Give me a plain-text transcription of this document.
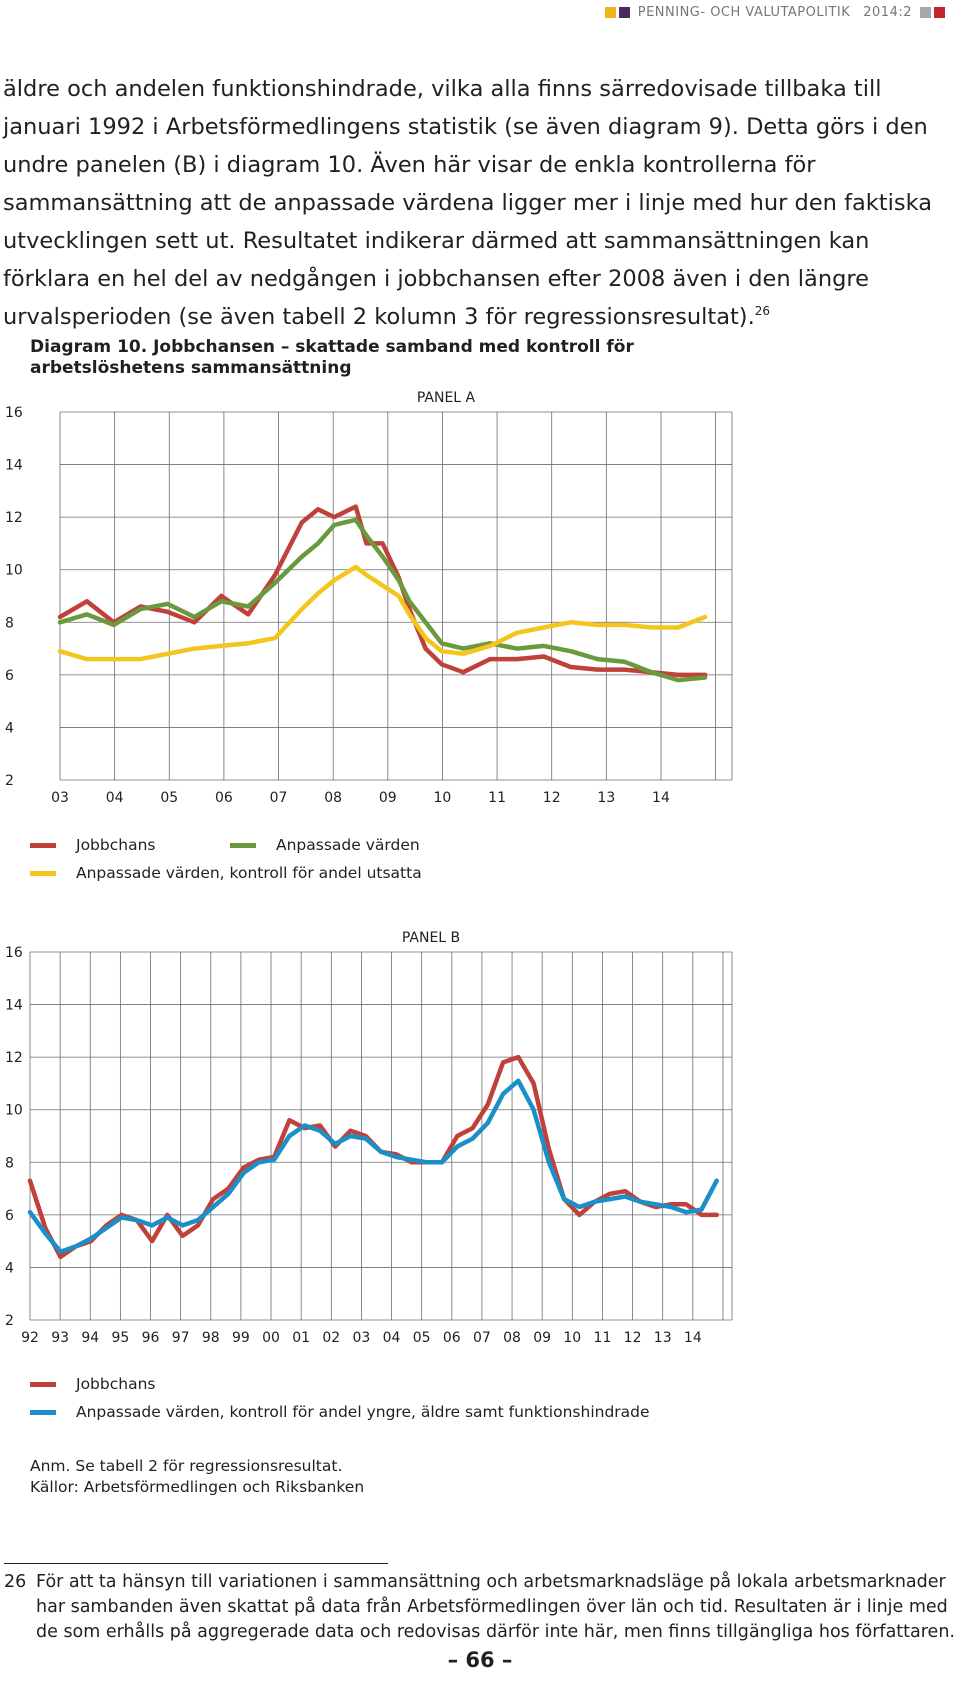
PENNING- OCH VALUTAPOLITIK 2014:2

äldre och andelen funktionshindrade, vilka alla finns särredovisade tillbaka till januari 1992 i Arbetsförmedlingens statistik (se även diagram 9). Detta görs i den undre panelen (B) i diagram 10. Även här visar de enkla kontrollerna för sammansättning att de anpassade värdena ligger mer i linje med hur den faktiska utvecklingen sett ut. Resultatet indikerar därmed att sammansättningen kan förklara en hel del av nedgången i jobbchansen efter 2008 även i den längre urvalsperioden (se även tabell 2 kolumn 3 för regressionsresultat).$^{26}$

Diagram 10. Jobbchansen – skattade samband med kontroll för arbetslöshetens sammansättning

PANEL A
16
14
12
10
8
6
4
2
03	04	05	06	07	08	09	10	11	12	13	14
Jobbchans	Anpassade värden
Anpassade värden, kontroll för andel utsatta
PANEL B
16
14
12
10
8
6
4
2
92 93 94 95 96 97 98 99 00 01 02 03 04 05 06 07 08 09 10 11 12 13 14
Jobbchans
Anpassade värden, kontroll för andel yngre, äldre samt funktionshindrade
Anm. Se tabell 2 för regressionsresultat.
Källor: Arbetsförmedlingen och Riksbanken
26 För att ta hänsyn till variationen i sammansättning och arbetsmarknadsläge på lokala arbetsmarknader har sambanden även skattat på data från Arbetsförmedlingen över län och tid. Resultaten är i linje med de som erhålls på aggregerade data och redovisas därför inte här, men finns tillgängliga hos författaren.
– 66 –
